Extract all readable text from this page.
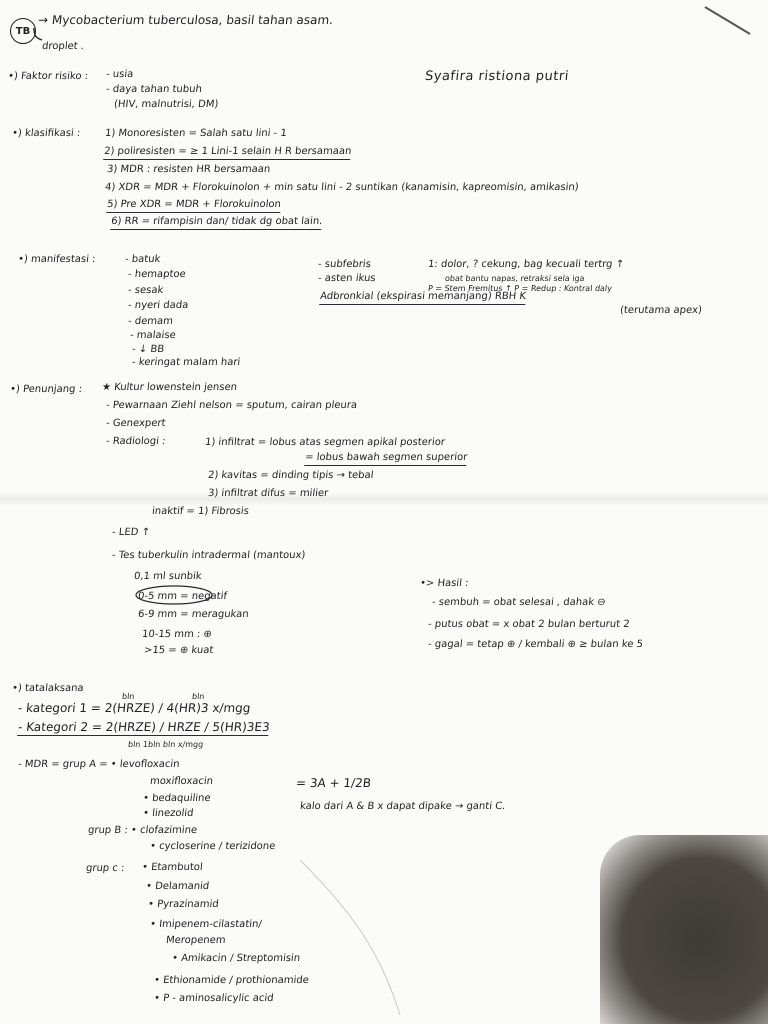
TB
→ Mycobacterium tuberculosa, basil tahan asam.
droplet .
Syafira ristiona putri
•) Faktor risiko : - usia
- daya tahan tubuh
(HIV, malnutrisi, DM)
•) klasifikasi : 1) Monoresisten = Salah satu lini - 1
2) poliresisten = ≥ 1 Lini-1 selain H R bersamaan
3) MDR : resisten HR bersamaan
4) XDR = MDR + Florokuinolon + min satu lini - 2 suntikan (kanamisin, kapreomisin, amikasin)
5) Pre XDR = MDR + Florokuinolon
6) RR = rifampisin dan/ tidak dg obat lain.
•) manifestasi :	- batuk
- hemaptoe
- sesak
- nyeri dada
- demam
- malaise
- ↓ BB
- keringat malam hari
- subfebris
- asten ikus
Adbronkial (ekspirasi memanjang) RBH K
1: dolor, ? cekung, bag kecuali tertrg ↑
obat bantu napas, retraksi sela iga
P = Stem Fremitus ↑ P = Redup : Kontral daly
(terutama apex)
•) Penunjang : ★ Kultur lowenstein jensen
- Pewarnaan Ziehl nelson = sputum, cairan pleura
- Genexpert
- Radiologi :	1) infiltrat = lobus atas segmen apikal posterior
= lobus bawah segmen superior
2) kavitas = dinding tipis → tebal
3) infiltrat difus = milier
inaktif = 1) Fibrosis
- LED ↑
- Tes tuberkulin intradermal (mantoux)
0,1 ml sunbik
0-5 mm = negatif
6-9 mm = meragukan
10-15 mm : ⊕
>15 = ⊕ kuat
•> Hasil :
- sembuh = obat selesai , dahak ⊖
- putus obat = x obat 2 bulan berturut 2
- gagal = tetap ⊕ / kembali ⊕ ≥ bulan ke 5
•) tatalaksana
bln	bln
- kategori 1 = 2(HRZE) / 4(HR)3 x/mgg
- Kategori 2 = 2(HRZE) / HRZE / 5(HR)3E3
bln 1bln bln x/mgg
- MDR = grup A = • levofloxacin
moxifloxacin
• bedaquiline
• linezolid
= 3A + 1/2B
kalo dari A & B x dapat dipake → ganti C.
grup B : • clofazimine
• cycloserine / terizidone
grup c : • Etambutol
• Delamanid
• Pyrazinamid
• Imipenem-cilastatin/
Meropenem
• Amikacin / Streptomisin
• Ethionamide / prothionamide
• P - aminosalicylic acid
